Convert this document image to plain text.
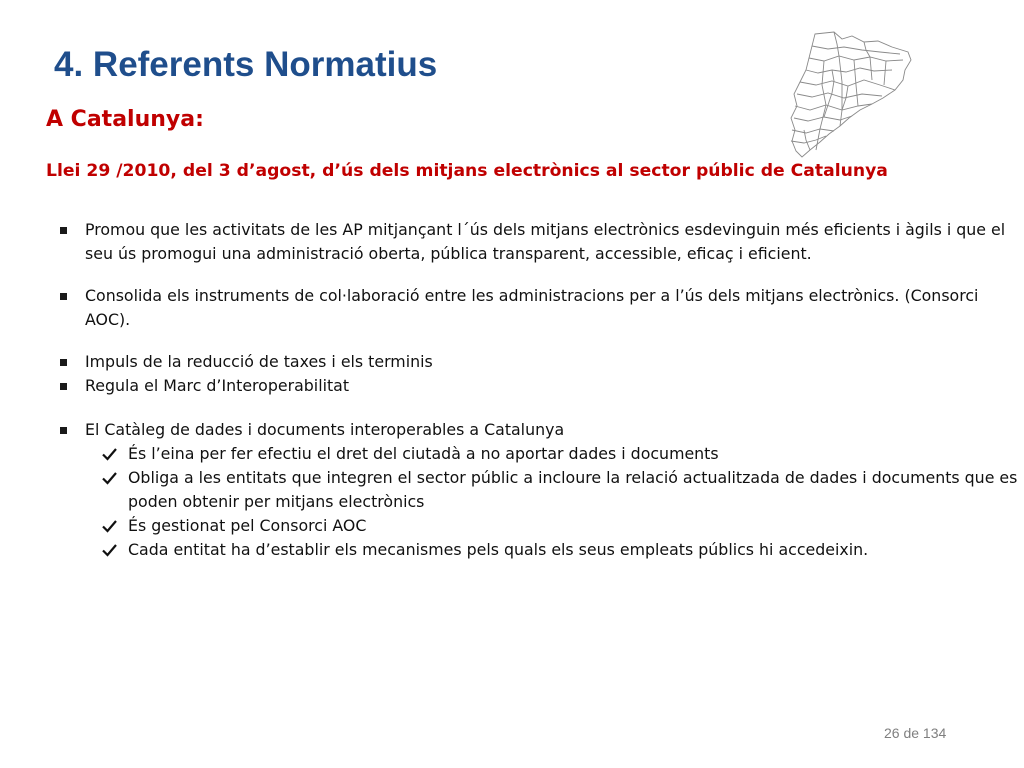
4. Referents Normatius
A Catalunya:
Llei 29 /2010, del 3 d’agost, d’ús dels mitjans electrònics al sector públic de Catalunya
Promou que les activitats de les AP mitjançant l´ús dels mitjans electrònics esdevinguin més eficients i àgils i que el seu ús promogui una administració oberta, pública transparent, accessible, eficaç i eficient.
Consolida els instruments de col·laboració entre les administracions per a l’ús dels mitjans electrònics. (Consorci AOC).
Impuls de la reducció de taxes i els terminis
Regula el Marc d’Interoperabilitat
El Catàleg de dades i documents interoperables a Catalunya
És l’eina per fer efectiu el dret del ciutadà a no aportar dades i documents
Obliga a les entitats que integren el sector públic a incloure la relació actualitzada de dades i documents que es poden obtenir per mitjans electrònics
És gestionat pel Consorci AOC
Cada entitat ha d’establir els mecanismes pels quals els seus empleats públics hi accedeixin.
26 de 134
